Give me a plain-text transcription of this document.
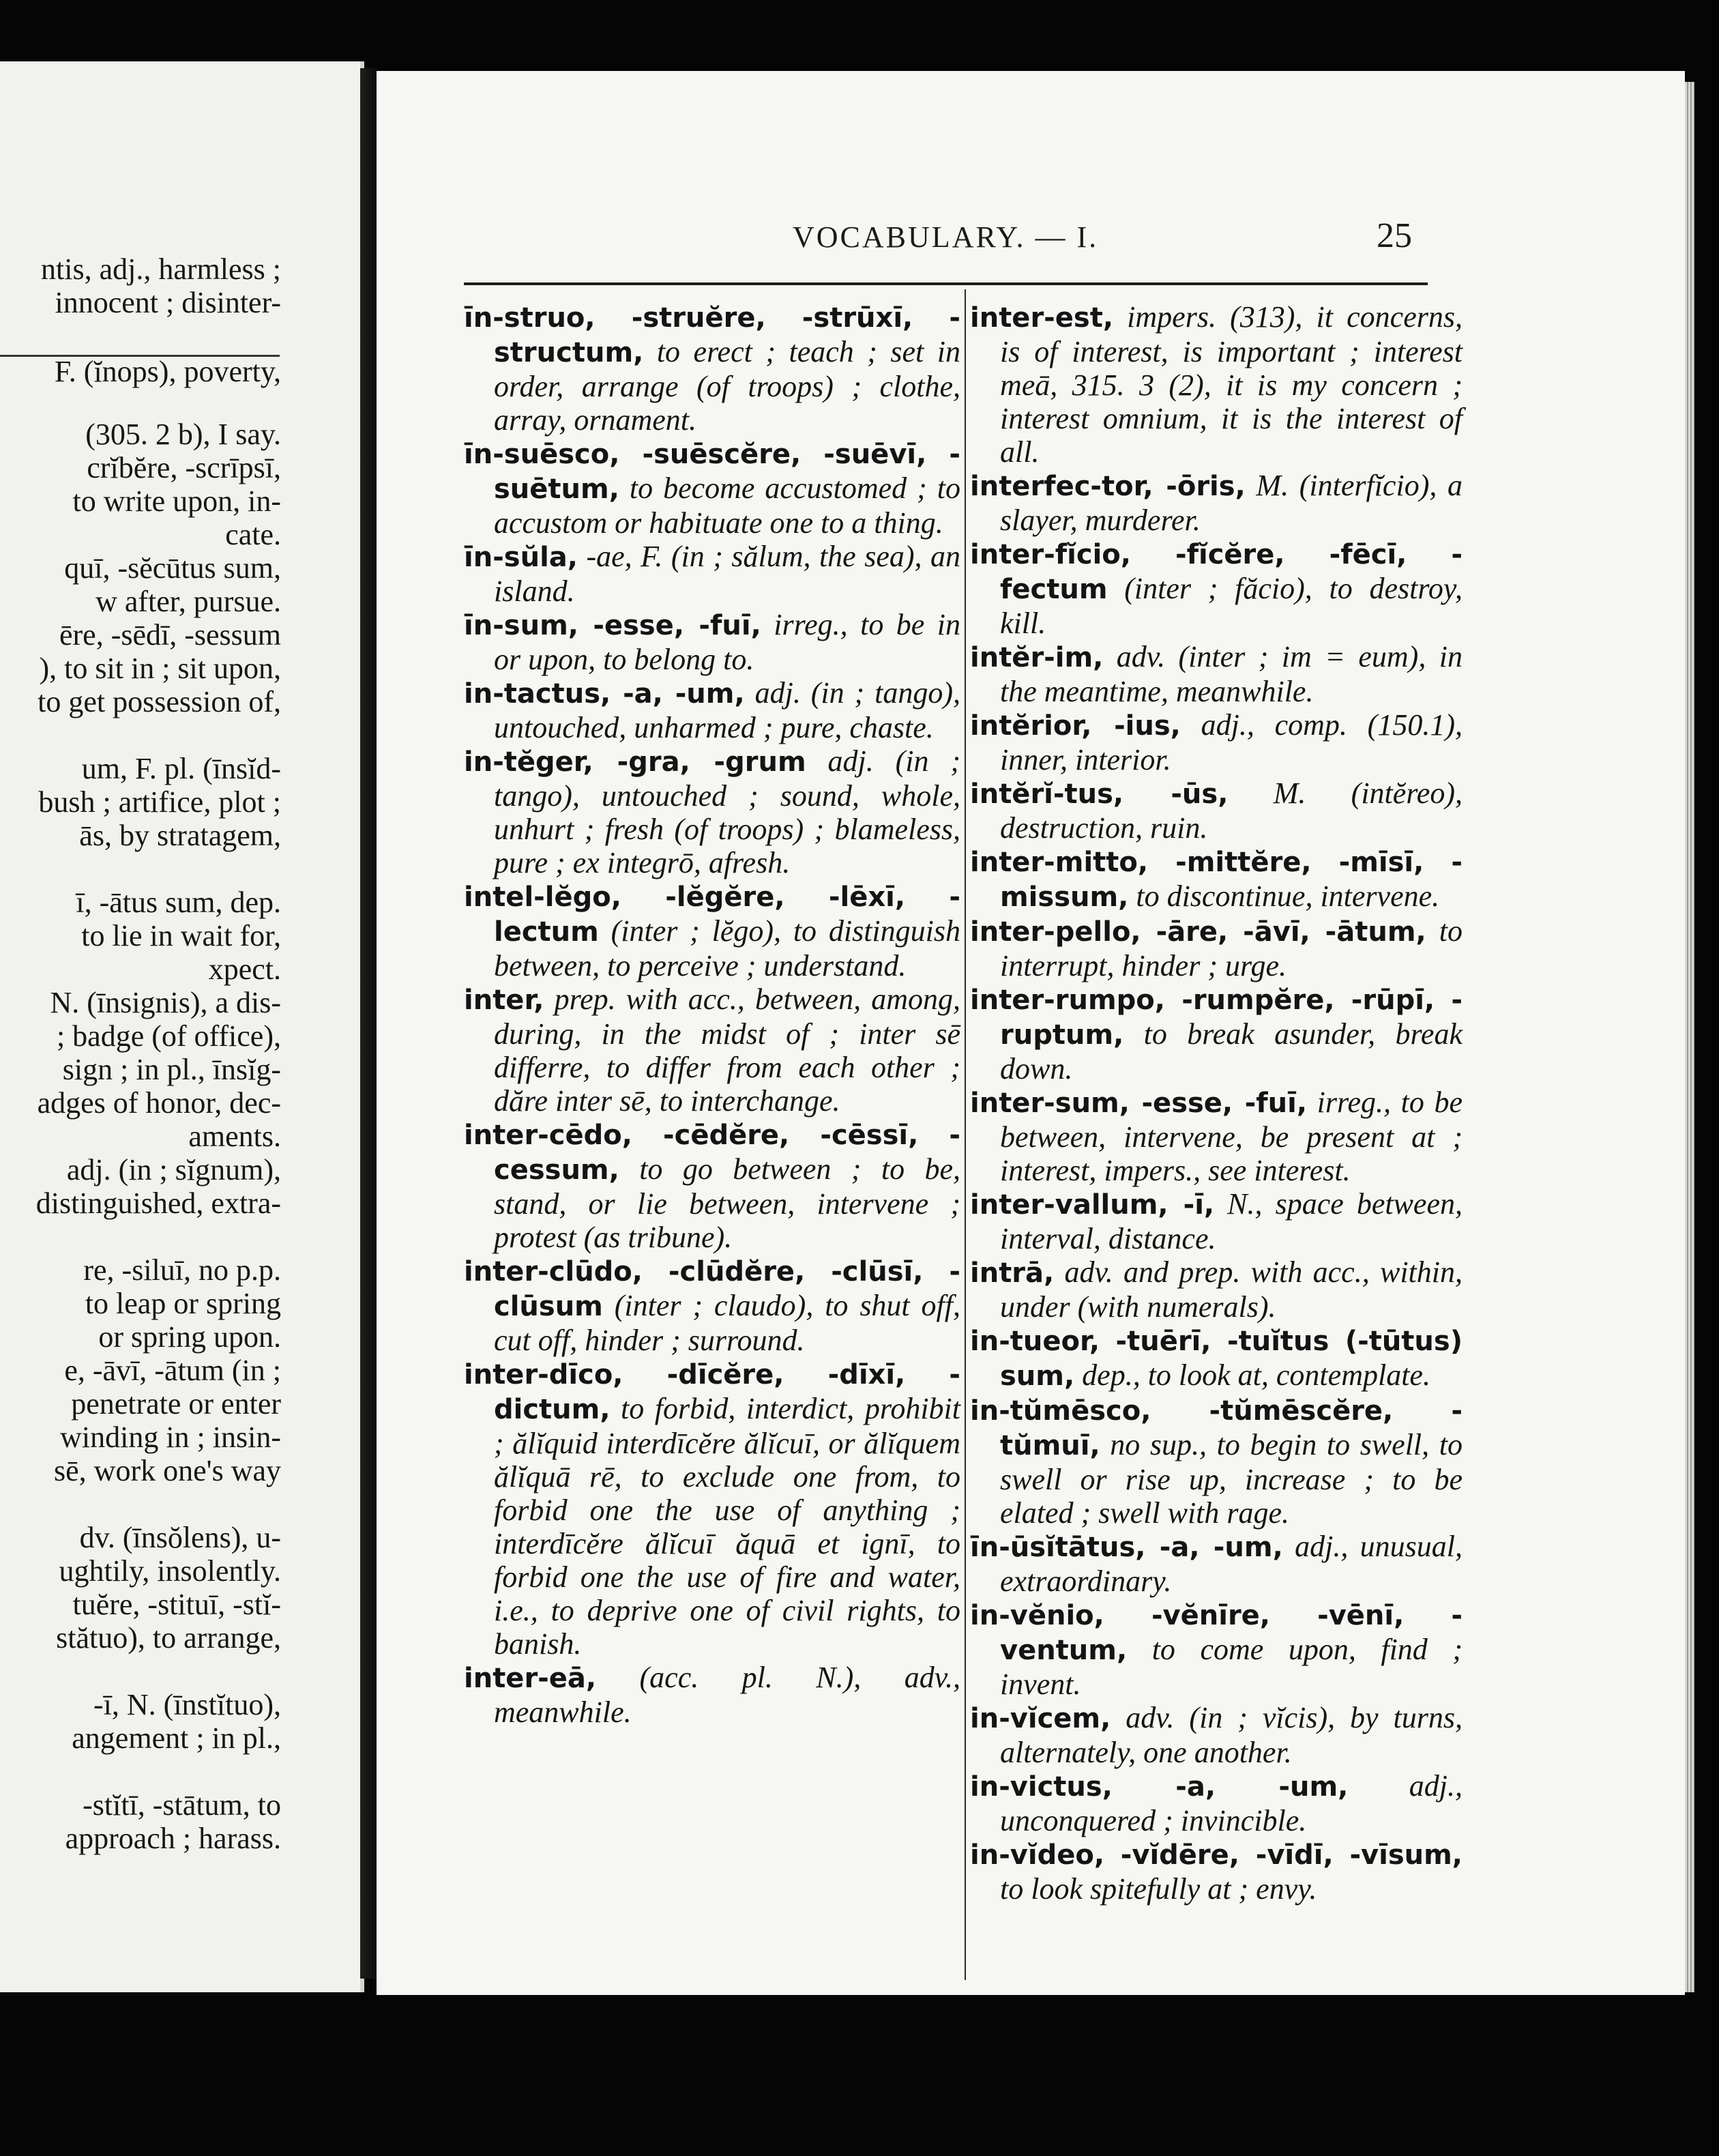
ntis, adj., harmless ;
innocent ; disinter-
F. (ĭnops), poverty,
(305. 2 b), I say.
crĭbĕre, -scrīpsī,
to write upon, in-
cate.
quī, -sĕcūtus sum,
w after, pursue.
ēre, -sēdī, -sessum
), to sit in ; sit upon,
to get possession of,
um, F. pl. (īnsĭd-
bush ; artifice, plot ;
ās, by stratagem,
ī, -ātus sum, dep.
to lie in wait for,
xpect.
N. (īnsignis), a dis-
; badge (of office),
sign ; in pl., īnsĭg-
adges of honor, dec-
aments.
adj. (in ; sĭgnum),
distinguished, extra-
re, -siluī, no p.p.
to leap or spring
or spring upon.
e, -āvī, -ātum (in ;
penetrate or enter
winding in ; insin-
sē, work one's way
dv. (īnsŏlens), u-
ughtily, insolently.
tuĕre, -stituī, -stĭ-
stătuo), to arrange,
-ī, N. (īnstĭtuo),
angement ; in pl.,
-stĭtī, -stātum, to
approach ; harass.
VOCABULARY. — I.	25
īn-struo, -struĕre, -strūxī, -structum, to erect ; teach ; set in order, arrange (of troops) ; clothe, array, ornament.
īn-suēsco, -suēscĕre, -suēvī, -suētum, to become accustomed ; to accustom or habituate one to a thing.
īn-sŭla, -ae, F. (in ; sălum, the sea), an island.
īn-sum, -esse, -fuī, irreg., to be in or upon, to belong to.
in-tactus, -a, -um, adj. (in ; tango), untouched, unharmed ; pure, chaste.
in-tĕger, -gra, -grum adj. (in ; tango), untouched ; sound, whole, unhurt ; fresh (of troops) ; blameless, pure ; ex integrō, afresh.
intel-lĕgo, -lĕgĕre, -lēxī, -lectum (inter ; lĕgo), to distinguish between, to perceive ; understand.
inter, prep. with acc., between, among, during, in the midst of ; inter sē differre, to differ from each other ; dăre inter sē, to interchange.
inter-cēdo, -cēdĕre, -cēssī, -cessum, to go between ; to be, stand, or lie between, intervene ; protest (as tribune).
inter-clūdo, -clūdĕre, -clūsī, -clūsum (inter ; claudo), to shut off, cut off, hinder ; surround.
inter-dīco, -dīcĕre, -dīxī, -dictum, to forbid, interdict, prohibit ; ălĭquid interdīcĕre ălĭcuī, or ălĭquem ălĭquā rē, to exclude one from, to forbid one the use of anything ; interdīcĕre ălĭcuī ăquā et ignī, to forbid one the use of fire and water, i.e., to deprive one of civil rights, to banish.
inter-eā, (acc. pl. N.), adv., meanwhile.
inter-est, impers. (313), it concerns, is of interest, is important ; interest meā, 315. 3 (2), it is my concern ; interest omnium, it is the interest of all.
interfec-tor, -ōris, M. (interfĭcio), a slayer, murderer.
inter-fĭcio, -fĭcĕre, -fēcī, -fectum (inter ; făcio), to destroy, kill.
intĕr-im, adv. (inter ; im = eum), in the meantime, meanwhile.
intĕrior, -ius, adj., comp. (150.1), inner, interior.
intĕrĭ-tus, -ūs, M. (intĕreo), destruction, ruin.
inter-mitto, -mittĕre, -mīsī, -missum, to discontinue, intervene.
inter-pello, -āre, -āvī, -ātum, to interrupt, hinder ; urge.
inter-rumpo, -rumpĕre, -rūpī, -ruptum, to break asunder, break down.
inter-sum, -esse, -fuī, irreg., to be between, intervene, be present at ; interest, impers., see interest.
inter-vallum, -ī, N., space between, interval, distance.
intrā, adv. and prep. with acc., within, under (with numerals).
in-tueor, -tuērī, -tuĭtus (-tūtus) sum, dep., to look at, contemplate.
in-tŭmēsco, -tŭmēscĕre, -tŭmuī, no sup., to begin to swell, to swell or rise up, increase ; to be elated ; swell with rage.
īn-ūsĭtātus, -a, -um, adj., unusual, extraordinary.
in-vĕnio, -vĕnīre, -vēnī, -ventum, to come upon, find ; invent.
in-vĭcem, adv. (in ; vĭcis), by turns, alternately, one another.
in-victus, -a, -um, adj., unconquered ; invincible.
in-vĭdeo, -vĭdēre, -vīdī, -vīsum, to look spitefully at ; envy.
